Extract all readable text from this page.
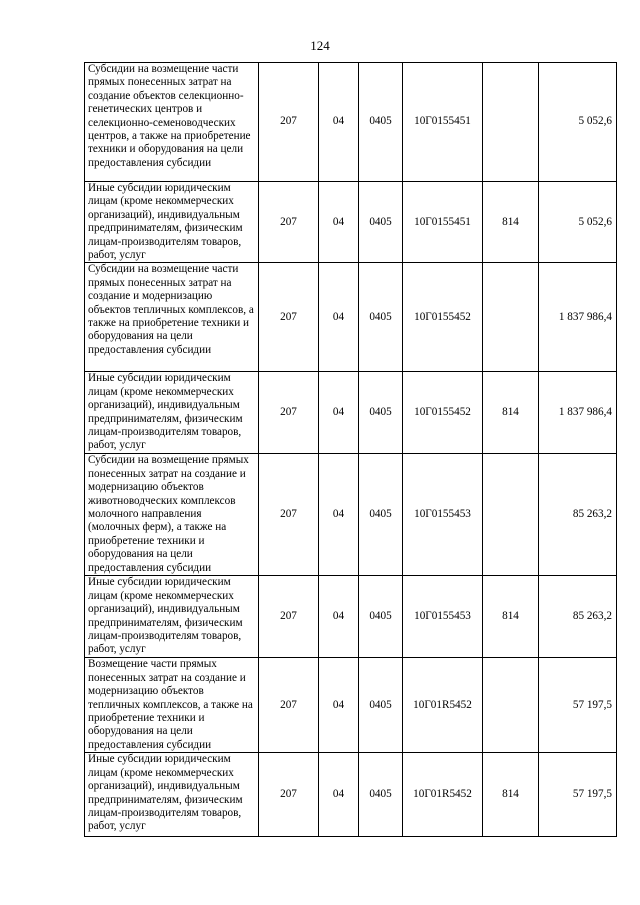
124
Субсидии на возмещение части прямых понесенных затрат на создание объектов селекционно-генетических центров и селекционно-семеноводческих центров, а также на приобретение техники и оборудования на цели предоставления субсидии	207	04	0405	10Г0155451		5 052,6
Иные субсидии юридическим лицам (кроме некоммерческих организаций), индивидуальным предпринимателям, физическим лицам-производителям товаров, работ, услуг	207	04	0405	10Г0155451	814	5 052,6
Субсидии на возмещение части прямых понесенных затрат на создание и модернизацию объектов тепличных комплексов, а также на приобретение техники и оборудования на цели предоставления субсидии	207	04	0405	10Г0155452		1 837 986,4
Иные субсидии юридическим лицам (кроме некоммерческих организаций), индивидуальным предпринимателям, физическим лицам-производителям товаров, работ, услуг	207	04	0405	10Г0155452	814	1 837 986,4
Субсидии на возмещение прямых понесенных затрат на создание и модернизацию объектов животноводческих комплексов молочного направления (молочных ферм), а также на приобретение техники и оборудования на цели предоставления субсидии	207	04	0405	10Г0155453		85 263,2
Иные субсидии юридическим лицам (кроме некоммерческих организаций), индивидуальным предпринимателям, физическим лицам-производителям товаров, работ, услуг	207	04	0405	10Г0155453	814	85 263,2
Возмещение части прямых понесенных затрат на создание и модернизацию объектов тепличных комплексов, а также на приобретение техники и оборудования на цели предоставления субсидии	207	04	0405	10Г01R5452		57 197,5
Иные субсидии юридическим лицам (кроме некоммерческих организаций), индивидуальным предпринимателям, физическим лицам-производителям товаров, работ, услуг	207	04	0405	10Г01R5452	814	57 197,5
